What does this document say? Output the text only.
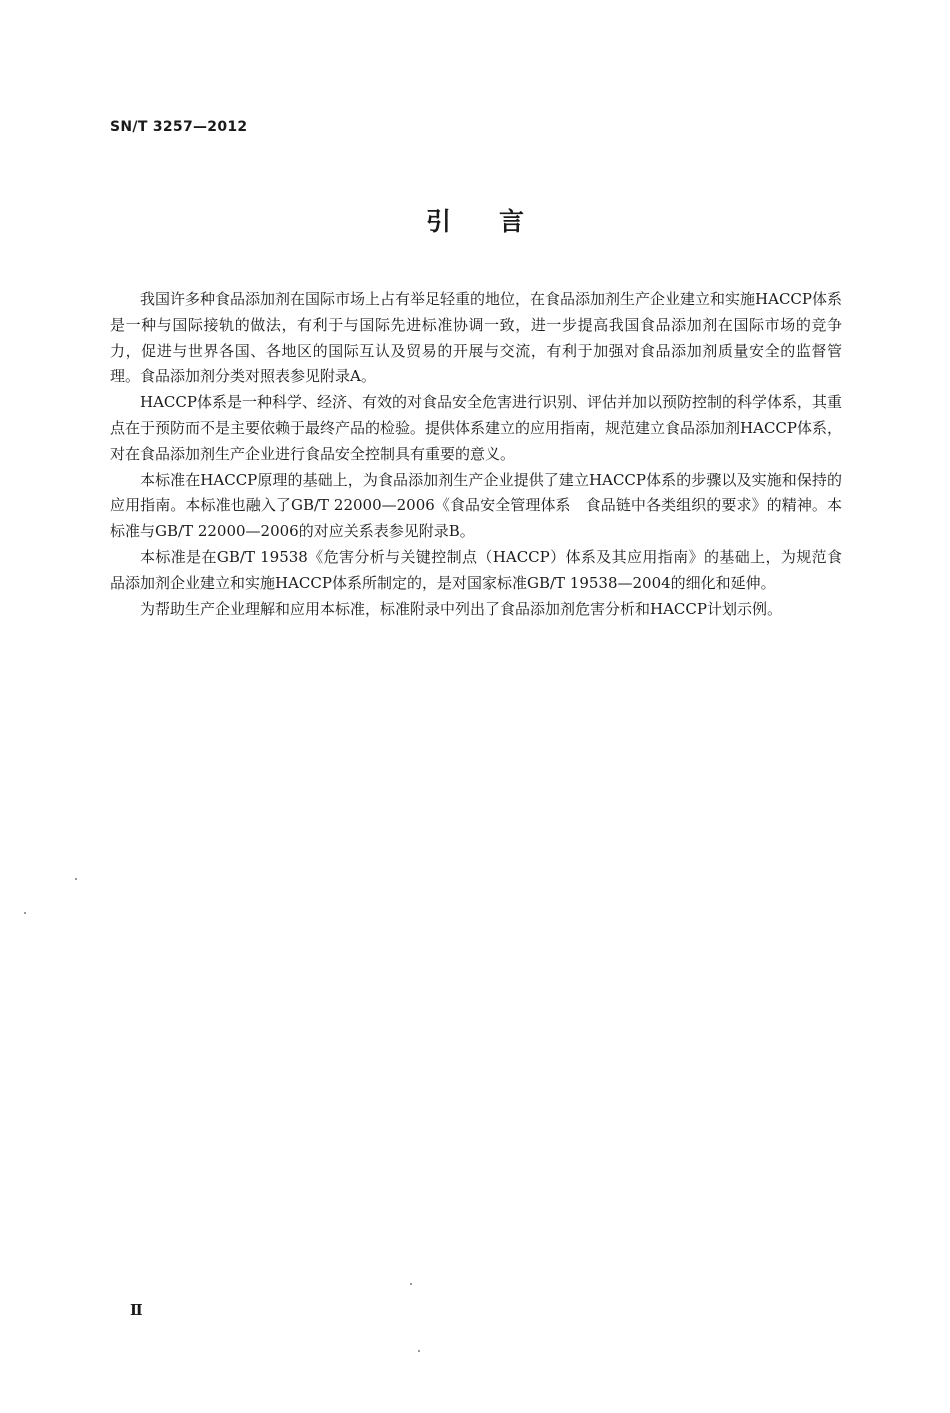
SN/T 3257—2012
引言

我国许多种食品添加剂在国际市场上占有举足轻重的地位，在食品添加剂生产企业建立和实施HACCP体系是一种与国际接轨的做法，有利于与国际先进标准协调一致，进一步提高我国食品添加剂在国际市场的竞争力，促进与世界各国、各地区的国际互认及贸易的开展与交流，有利于加强对食品添加剂质量安全的监督管理。食品添加剂分类对照表参见附录A。

HACCP体系是一种科学、经济、有效的对食品安全危害进行识别、评估并加以预防控制的科学体系，其重点在于预防而不是主要依赖于最终产品的检验。提供体系建立的应用指南，规范建立食品添加剂HACCP体系，对在食品添加剂生产企业进行食品安全控制具有重要的意义。

本标准在HACCP原理的基础上，为食品添加剂生产企业提供了建立HACCP体系的步骤以及实施和保持的应用指南。本标准也融入了GB/T 22000—2006《食品安全管理体系　食品链中各类组织的要求》的精神。本标准与GB/T 22000—2006的对应关系表参见附录B。

本标准是在GB/T 19538《危害分析与关键控制点（HACCP）体系及其应用指南》的基础上，为规范食品添加剂企业建立和实施HACCP体系所制定的，是对国家标准GB/T 19538—2004的细化和延伸。

为帮助生产企业理解和应用本标准，标准附录中列出了食品添加剂危害分析和HACCP计划示例。

Ⅱ
